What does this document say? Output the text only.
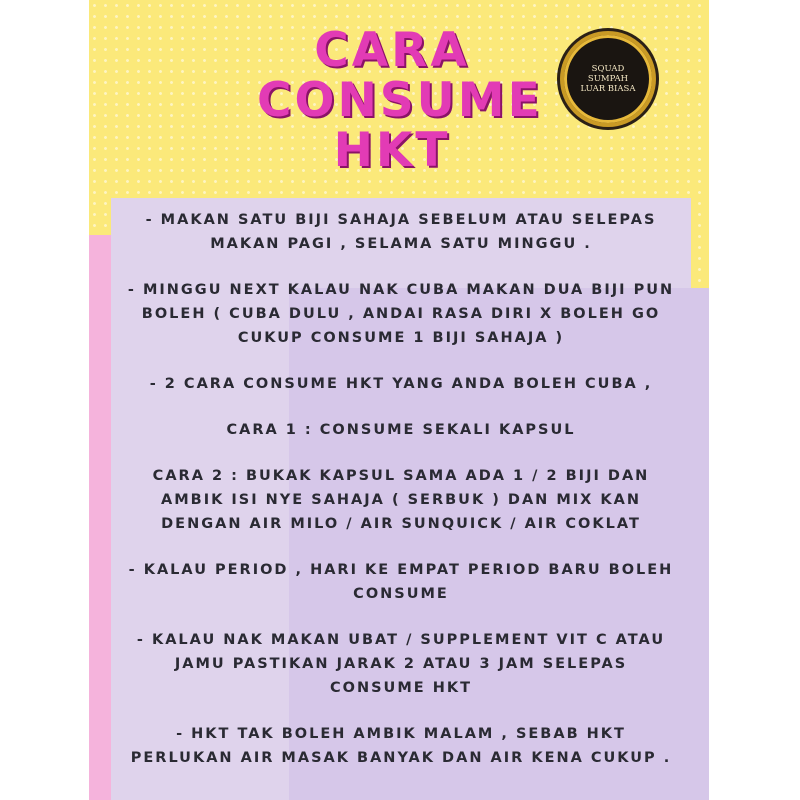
CARA
CONSUME
HKT
SQUAD
SUMPAH
LUAR BIASA

- MAKAN SATU BIJI SAHAJA SEBELUM ATAU SELEPAS
MAKAN PAGI , SELAMA SATU MINGGU .

- MINGGU NEXT KALAU NAK CUBA MAKAN DUA BIJI PUN
BOLEH ( CUBA DULU , ANDAI RASA DIRI X BOLEH GO
CUKUP CONSUME 1 BIJI SAHAJA )

- 2 CARA CONSUME HKT YANG ANDA BOLEH CUBA ,

CARA 1 : CONSUME SEKALI KAPSUL

CARA 2 : BUKAK KAPSUL SAMA ADA 1 / 2 BIJI DAN
AMBIK ISI NYE SAHAJA ( SERBUK ) DAN MIX KAN
DENGAN AIR MILO / AIR SUNQUICK / AIR COKLAT

- KALAU PERIOD , HARI KE EMPAT PERIOD BARU BOLEH
CONSUME

- KALAU NAK MAKAN UBAT / SUPPLEMENT VIT C ATAU
JAMU PASTIKAN JARAK 2 ATAU 3 JAM SELEPAS
CONSUME HKT

- HKT TAK BOLEH AMBIK MALAM , SEBAB HKT
PERLUKAN AIR MASAK BANYAK DAN AIR KENA CUKUP .
